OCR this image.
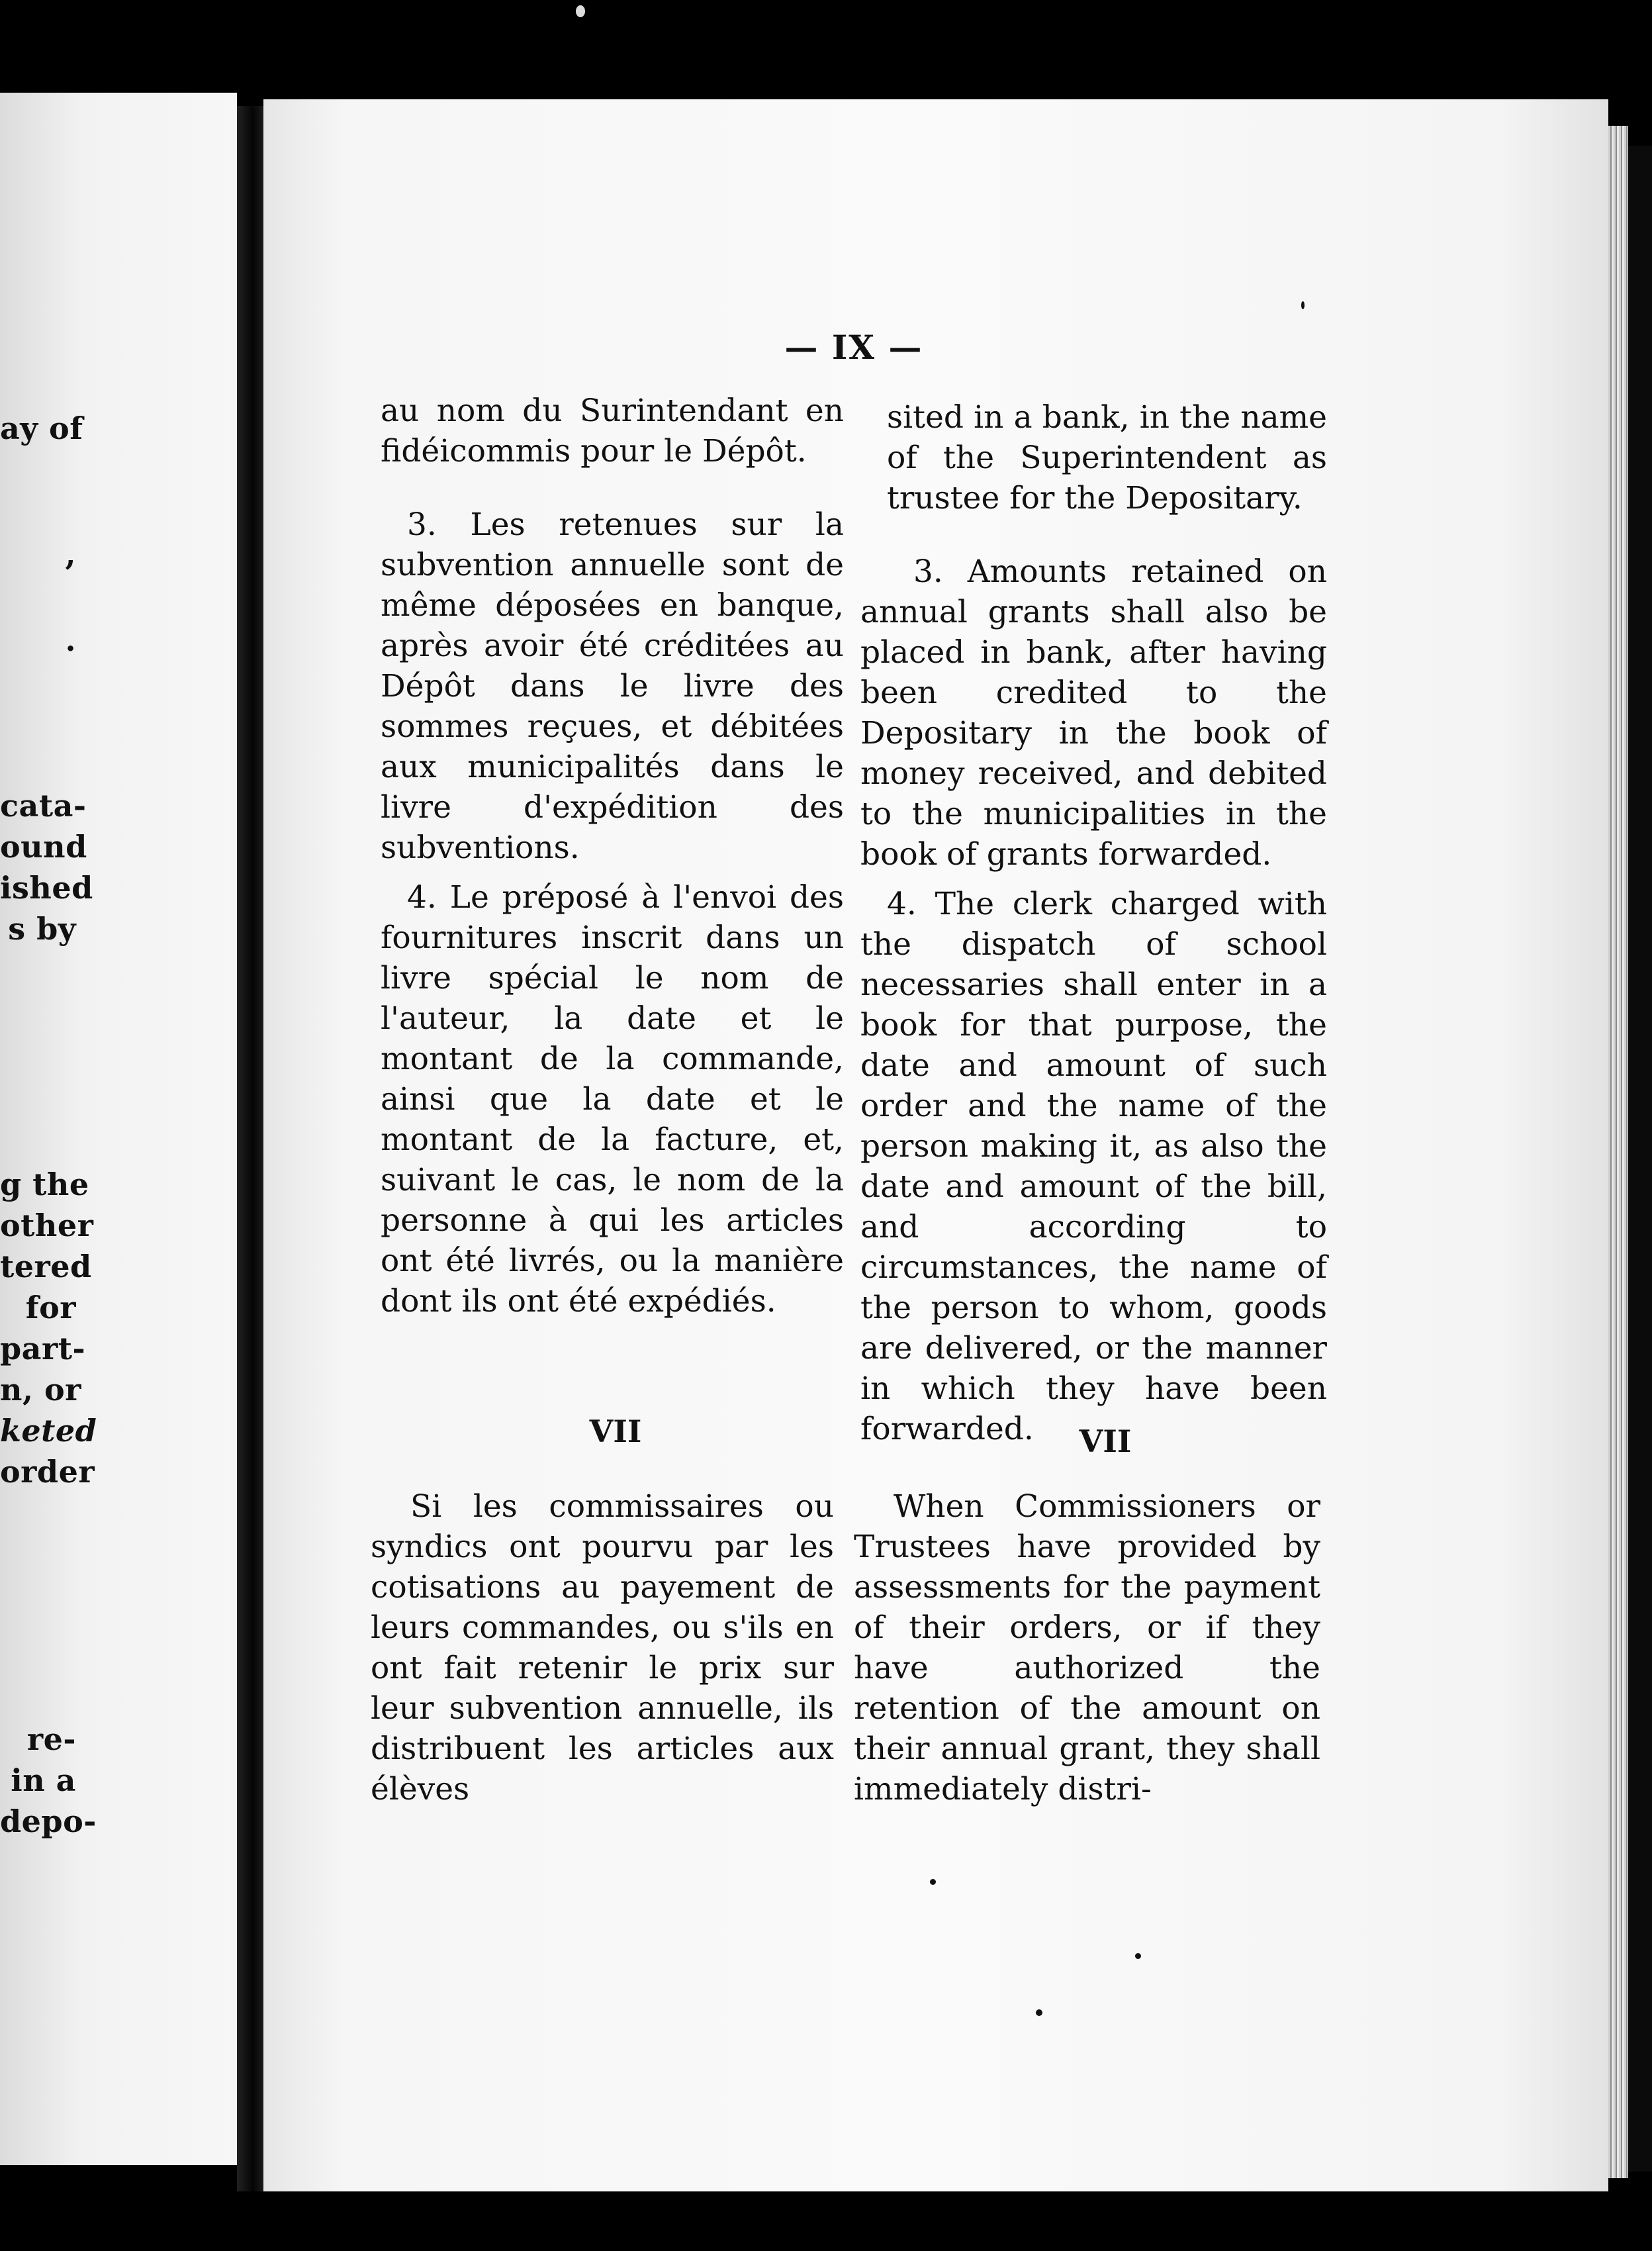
ay of
,
.
cata-
ound
ished
s by
g the
other
tered
for
part-
n, or
keted
order
re-
in a
depo-
— IX —

au nom du Surintendant en fidéicommis pour le Dépôt.

3. Les retenues sur la subvention annuelle sont de même déposées en banque, après avoir été créditées au Dépôt dans le livre des sommes reçues, et débitées aux municipalités dans le livre d'expédition des subventions.

4. Le préposé à l'envoi des fournitures inscrit dans un livre spécial le nom de l'auteur, la date et le montant de la commande, ainsi que la date et le montant de la facture, et, suivant le cas, le nom de la personne à qui les articles ont été livrés, ou la manière dont ils ont été expédiés.

sited in a bank, in the name of the Superintendent as trustee for the Depositary.

3. Amounts retained on annual grants shall also be placed in bank, after having been credited to the Depositary in the book of money received, and debited to the municipalities in the book of grants forwarded.

4. The clerk charged with the dispatch of school necessaries shall enter in a book for that purpose, the date and amount of such order and the name of the person making it, as also the date and amount of the bill, and according to circumstances, the name of the person to whom, goods are delivered, or the manner in which they have been forwarded.

VII	VII

Si les commissaires ou syndics ont pourvu par les cotisations au payement de leurs commandes, ou s'ils en ont fait retenir le prix sur leur subvention annuelle, ils distribuent les articles aux élèves

When Commissioners or Trustees have provided by assessments for the payment of their orders, or if they have authorized the retention of the amount on their annual grant, they shall immediately distri-
